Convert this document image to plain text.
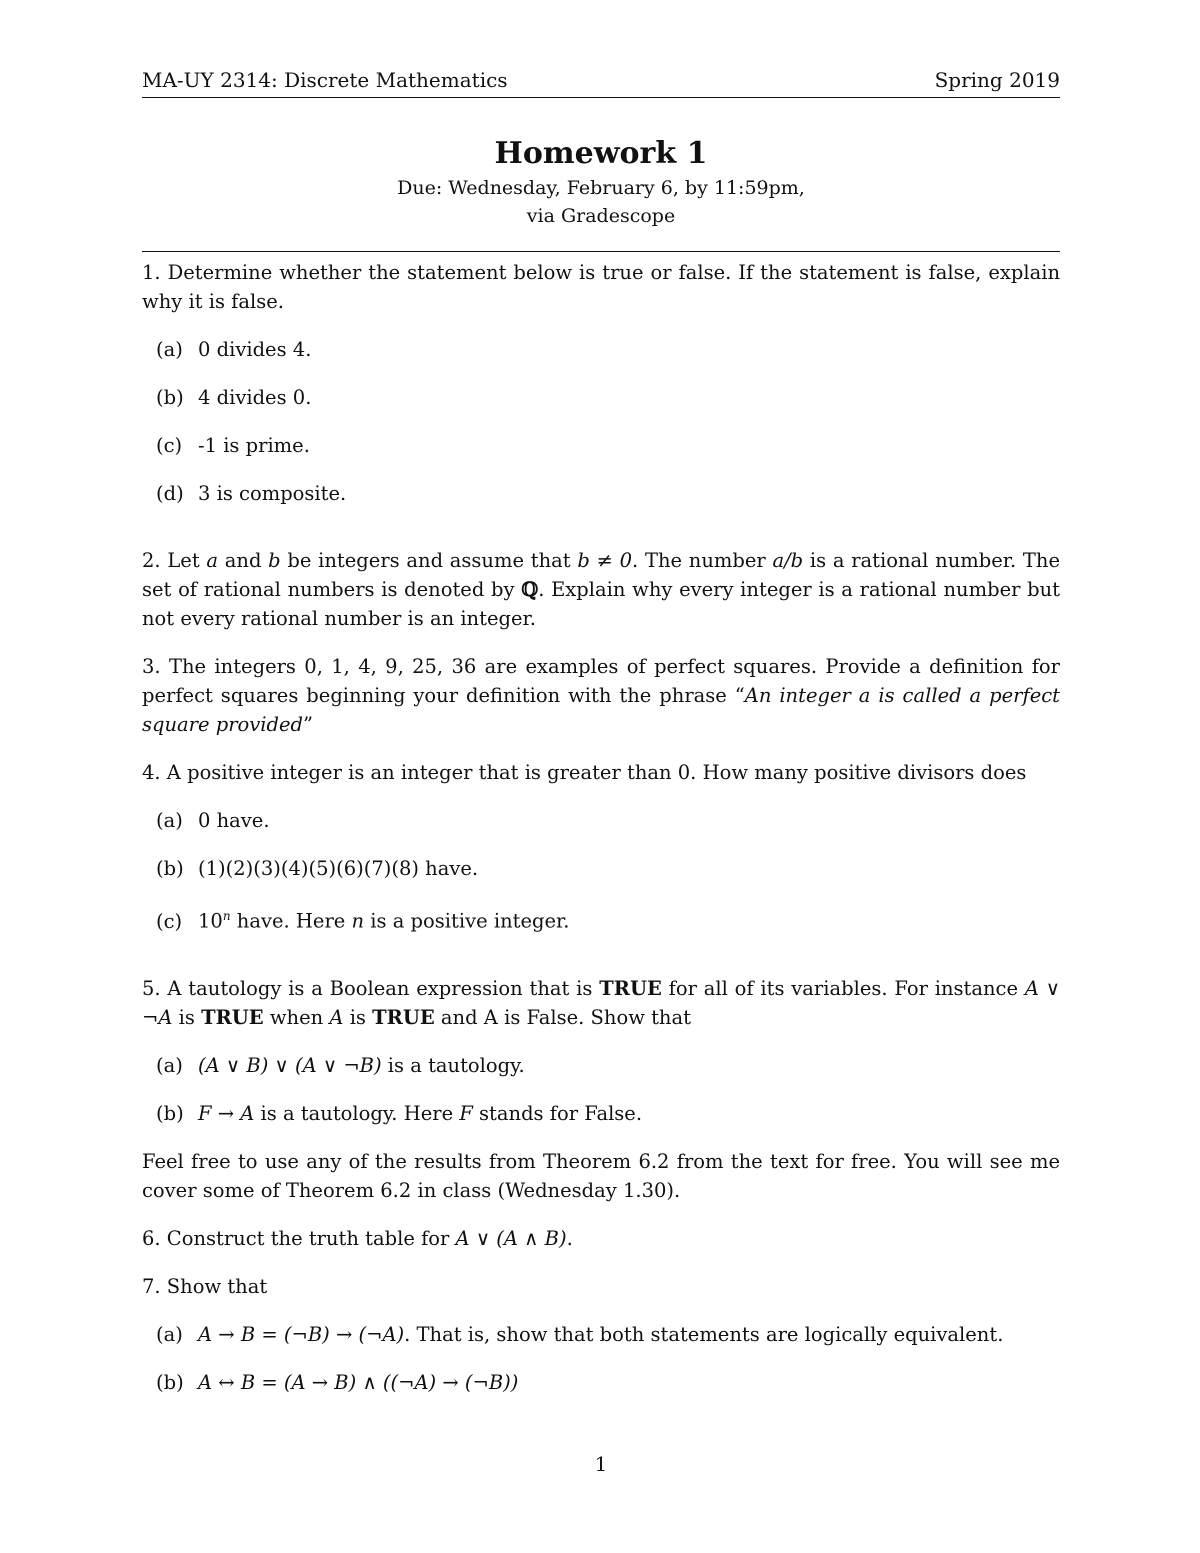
MA-UY 2314: Discrete Mathematics	Spring 2019
Homework 1
Due: Wednesday, February 6, by 11:59pm,
via Gradescope

1. Determine whether the statement below is true or false. If the statement is false, explain why it is false.

(a) 0 divides 4.

(b) 4 divides 0.

(c) -1 is prime.

(d) 3 is composite.

2. Let a and b be integers and assume that b ≠ 0. The number a/b is a rational number. The set of rational numbers is denoted by ℚ. Explain why every integer is a rational number but not every rational number is an integer.

3. The integers 0, 1, 4, 9, 25, 36 are examples of perfect squares. Provide a definition for perfect squares beginning your definition with the phrase “An integer a is called a perfect square provided”

4. A positive integer is an integer that is greater than 0. How many positive divisors does

(a) 0 have.

(b) (1)(2)(3)(4)(5)(6)(7)(8) have.

(c) 10$^n$ have. Here n is a positive integer.

5. A tautology is a Boolean expression that is TRUE for all of its variables. For instance A ∨ ¬A is TRUE when A is TRUE and A is False. Show that

(a) (A ∨ B) ∨ (A ∨ ¬B) is a tautology.

(b) F → A is a tautology. Here F stands for False.

Feel free to use any of the results from Theorem 6.2 from the text for free. You will see me cover some of Theorem 6.2 in class (Wednesday 1.30).

6. Construct the truth table for A ∨ (A ∧ B).

7. Show that

(a) A → B = (¬B) → (¬A). That is, show that both statements are logically equivalent.

(b) A ↔ B = (A → B) ∧ ((¬A) → (¬B))

1
